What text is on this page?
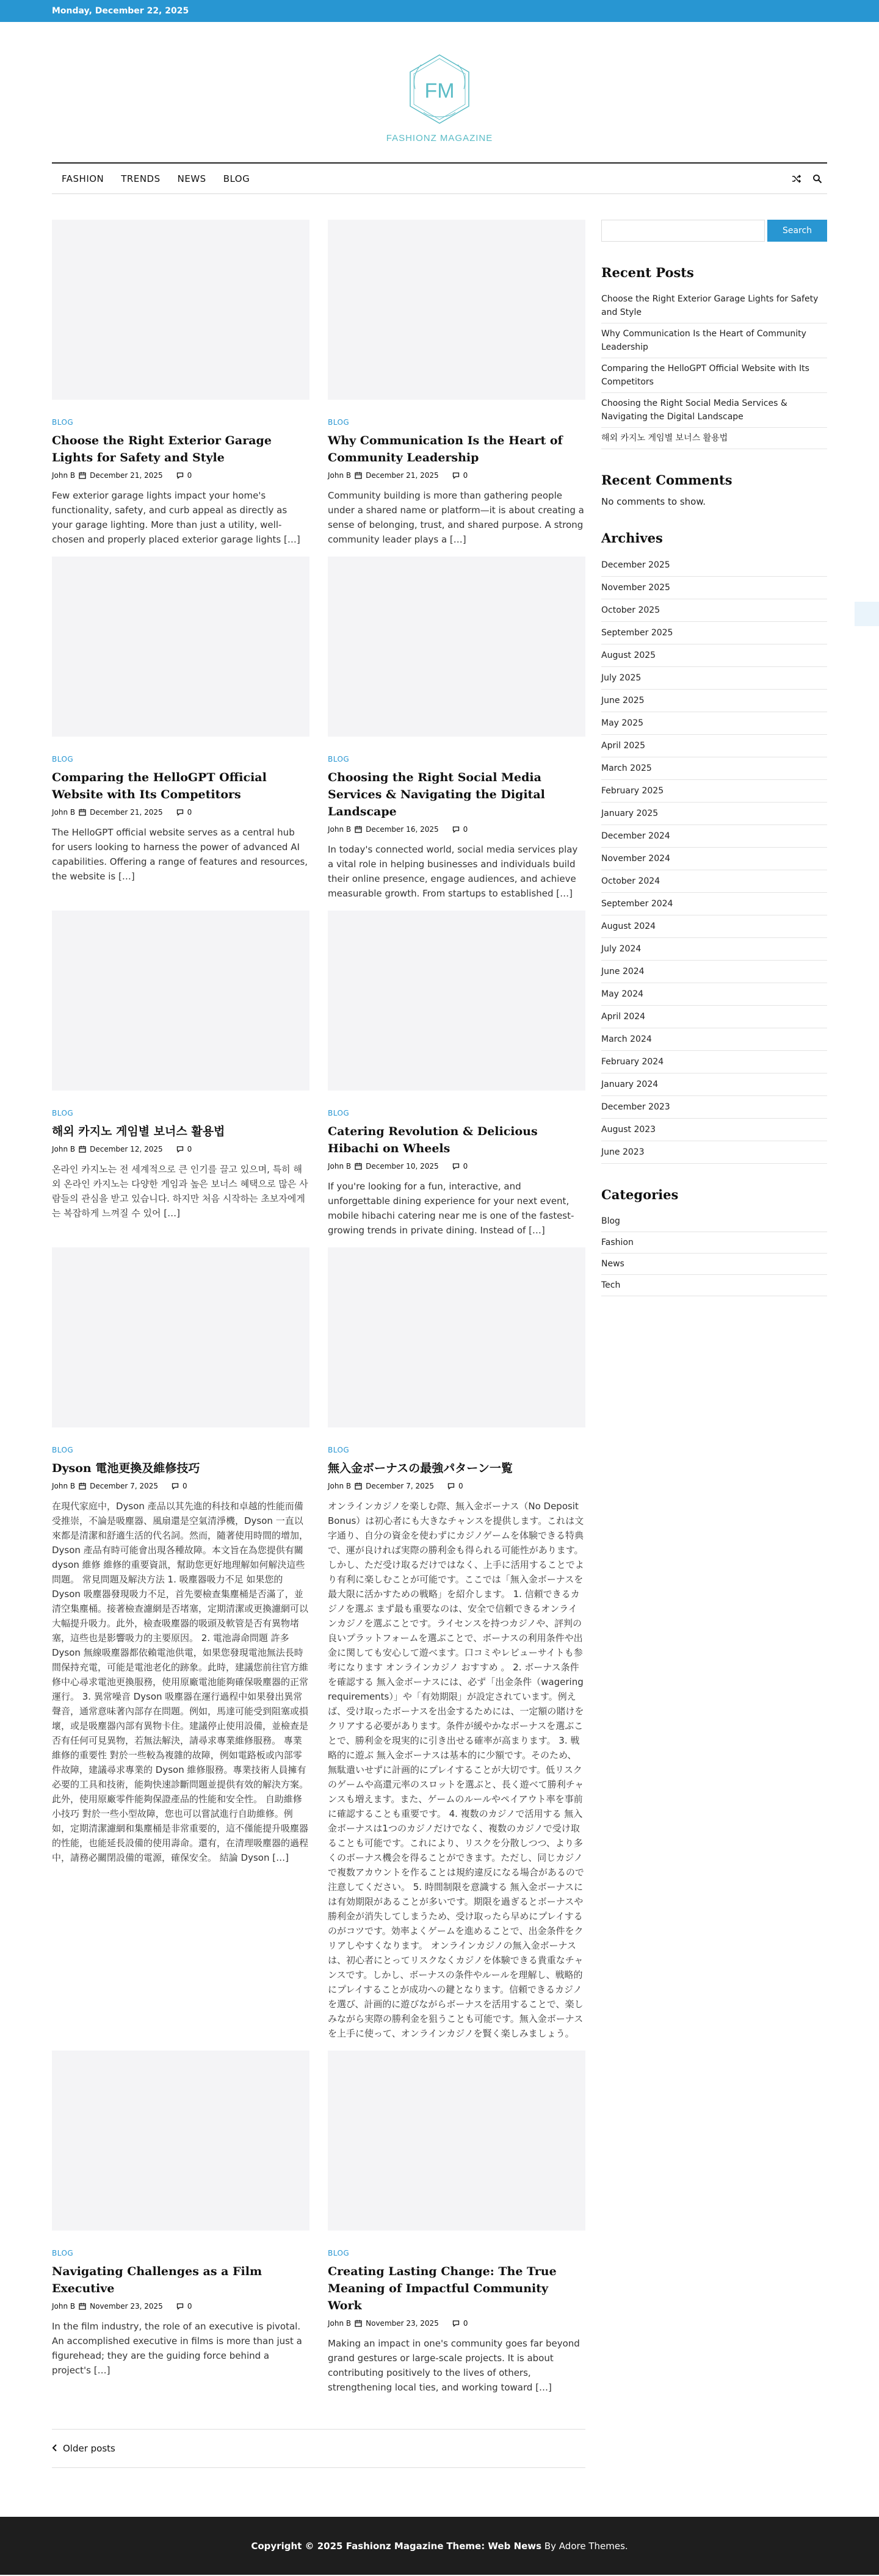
Monday, December 22, 2025
FM
FASHIONZ MAGAZINE
FASHION	TRENDS	NEWS	BLOG
BLOG
Choose the Right Exterior Garage Lights for Safety and Style
John B December 21, 2025	0

Few exterior garage lights impact your home's functionality, safety, and curb appeal as directly as your garage lighting. More than just a utility, well-chosen and properly placed exterior garage lights […]

BLOG
Why Communication Is the Heart of Community Leadership
John B December 21, 2025	0

Community building is more than gathering people under a shared name or platform—it is about creating a sense of belonging, trust, and shared purpose. A strong community leader plays a […]

BLOG
Comparing the HelloGPT Official Website with Its Competitors
John B December 21, 2025	0

The HelloGPT official website serves as a central hub for users looking to harness the power of advanced AI capabilities. Offering a range of features and resources, the website is […]

BLOG
Choosing the Right Social Media Services & Navigating the Digital Landscape
John B December 16, 2025	0

In today's connected world, social media services play a vital role in helping businesses and individuals build their online presence, engage audiences, and achieve measurable growth. From startups to established […]

BLOG
해외 카지노 게임별 보너스 활용법
John B December 12, 2025	0

온라인 카지노는 전 세계적으로 큰 인기를 끌고 있으며, 특히 해외 온라인 카지노는 다양한 게임과 높은 보너스 혜택으로 많은 사람들의 관심을 받고 있습니다. 하지만 처음 시작하는 초보자에게는 복잡하게 느껴질 수 있어 […]

BLOG
Catering Revolution & Delicious Hibachi on Wheels
John B December 10, 2025	0

If you're looking for a fun, interactive, and unforgettable dining experience for your next event, mobile hibachi catering near me is one of the fastest-growing trends in private dining. Instead of […]

BLOG
Dyson 電池更換及維修技巧
John B December 7, 2025	0

在現代家庭中，Dyson 產品以其先進的科技和卓越的性能而備受推崇，不論是吸塵器、風扇還是空氣清淨機，Dyson 一直以來都是清潔和舒適生活的代名詞。然而，隨著使用時間的增加，Dyson 產品有時可能會出現各種故障。本文旨在為您提供有關 dyson 維修 維修的重要資訊，幫助您更好地理解如何解決這些問題。 常見問題及解決方法 1. 吸塵器吸力不足 如果您的 Dyson 吸塵器發現吸力不足，首先要檢查集塵桶是否滿了，並清空集塵桶。接著檢查濾網是否堵塞，定期清潔或更換濾網可以大幅提升吸力。此外，檢查吸塵器的吸頭及軟管是否有異物堵塞，這些也是影響吸力的主要原因。 2. 電池壽命問題 許多 Dyson 無線吸塵器都依賴電池供電，如果您發現電池無法長時間保持充電，可能是電池老化的跡象。此時，建議您前往官方維修中心尋求電池更換服務，使用原廠電池能夠確保吸塵器的正常運行。 3. 異常噪音 Dyson 吸塵器在運行過程中如果發出異常聲音，通常意味著內部存在問題。例如，馬達可能受到阻塞或損壞，或是吸塵器內部有異物卡住。建議停止使用設備，並檢查是否有任何可見異物，若無法解決，請尋求專業維修服務。 專業維修的重要性 對於一些較為複雜的故障，例如電路板或內部零件故障，建議尋求專業的 Dyson 維修服務。專業技術人員擁有必要的工具和技術，能夠快速診斷問題並提供有效的解決方案。此外，使用原廠零件能夠保證產品的性能和安全性。 自助維修小技巧 對於一些小型故障，您也可以嘗試進行自助維修。例如，定期清潔濾網和集塵桶是非常重要的，這不僅能提升吸塵器的性能，也能延長設備的使用壽命。還有，在清理吸塵器的過程中，請務必關閉設備的電源，確保安全。 結論 Dyson […]

BLOG
無入金ボーナスの最強パターン一覧
John B December 7, 2025	0

オンラインカジノを楽しむ際、無入金ボーナス（No Deposit Bonus）は初心者にも大きなチャンスを提供します。これは文字通り、自分の資金を使わずにカジノゲームを体験できる特典で、運が良ければ実際の勝利金も得られる可能性があります。しかし、ただ受け取るだけではなく、上手に活用することでより有利に楽しむことが可能です。ここでは「無入金ボーナスを最大限に活かすための戦略」を紹介します。 1. 信頼できるカジノを選ぶ まず最も重要なのは、安全で信頼できるオンラインカジノを選ぶことです。ライセンスを持つカジノや、評判の良いプラットフォームを選ぶことで、ボーナスの利用条件や出金に関しても安心して遊べます。口コミやレビューサイトも参考になります オンラインカジノ おすすめ 。 2. ボーナス条件を確認する 無入金ボーナスには、必ず「出金条件（wagering requirements）」や「有効期限」が設定されています。例えば、受け取ったボーナスを出金するためには、一定額の賭けをクリアする必要があります。条件が緩やかなボーナスを選ぶことで、勝利金を現実的に引き出せる確率が高まります。 3. 戦略的に遊ぶ 無入金ボーナスは基本的に少額です。そのため、無駄遣いせずに計画的にプレイすることが大切です。低リスクのゲームや高還元率のスロットを選ぶと、長く遊べて勝利チャンスも増えます。また、ゲームのルールやペイアウト率を事前に確認することも重要です。 4. 複数のカジノで活用する 無入金ボーナスは1つのカジノだけでなく、複数のカジノで受け取ることも可能です。これにより、リスクを分散しつつ、より多くのボーナス機会を得ることができます。ただし、同じカジノで複数アカウントを作ることは規約違反になる場合があるので注意してください。 5. 時間制限を意識する 無入金ボーナスには有効期限があることが多いです。期限を過ぎるとボーナスや勝利金が消失してしまうため、受け取ったら早めにプレイするのがコツです。効率よくゲームを進めることで、出金条件をクリアしやすくなります。 オンラインカジノの無入金ボーナスは、初心者にとってリスクなくカジノを体験できる貴重なチャンスです。しかし、ボーナスの条件やルールを理解し、戦略的にプレイすることが成功への鍵となります。信頼できるカジノを選び、計画的に遊びながらボーナスを活用することで、楽しみながら実際の勝利金を狙うことも可能です。無入金ボーナスを上手に使って、オンラインカジノを賢く楽しみましょう。

BLOG
Navigating Challenges as a Film Executive
John B November 23, 2025	0

In the film industry, the role of an executive is pivotal. An accomplished executive in films is more than just a figurehead; they are the guiding force behind a project's […]

BLOG
Creating Lasting Change: The True Meaning of Impactful Community Work
John B November 23, 2025	0

Making an impact in one's community goes far beyond grand gestures or large-scale projects. It is about contributing positively to the lives of others, strengthening local ties, and working toward […]

Older posts
Search
Recent Posts
Choose the Right Exterior Garage Lights for Safety and Style
Why Communication Is the Heart of Community Leadership
Comparing the HelloGPT Official Website with Its Competitors
Choosing the Right Social Media Services & Navigating the Digital Landscape
해외 카지노 게임별 보너스 활용법
Recent Comments
No comments to show.
Archives
December 2025
November 2025
October 2025
September 2025
August 2025
July 2025
June 2025
May 2025
April 2025
March 2025
February 2025
January 2025
December 2024
November 2024
October 2024
September 2024
August 2024
July 2024
June 2024
May 2024
April 2024
March 2024
February 2024
January 2024
December 2023
August 2023
June 2023
Categories
Blog
Fashion
News
Tech
Copyright © 2025 Fashionz Magazine Theme: Web News By Adore Themes.
